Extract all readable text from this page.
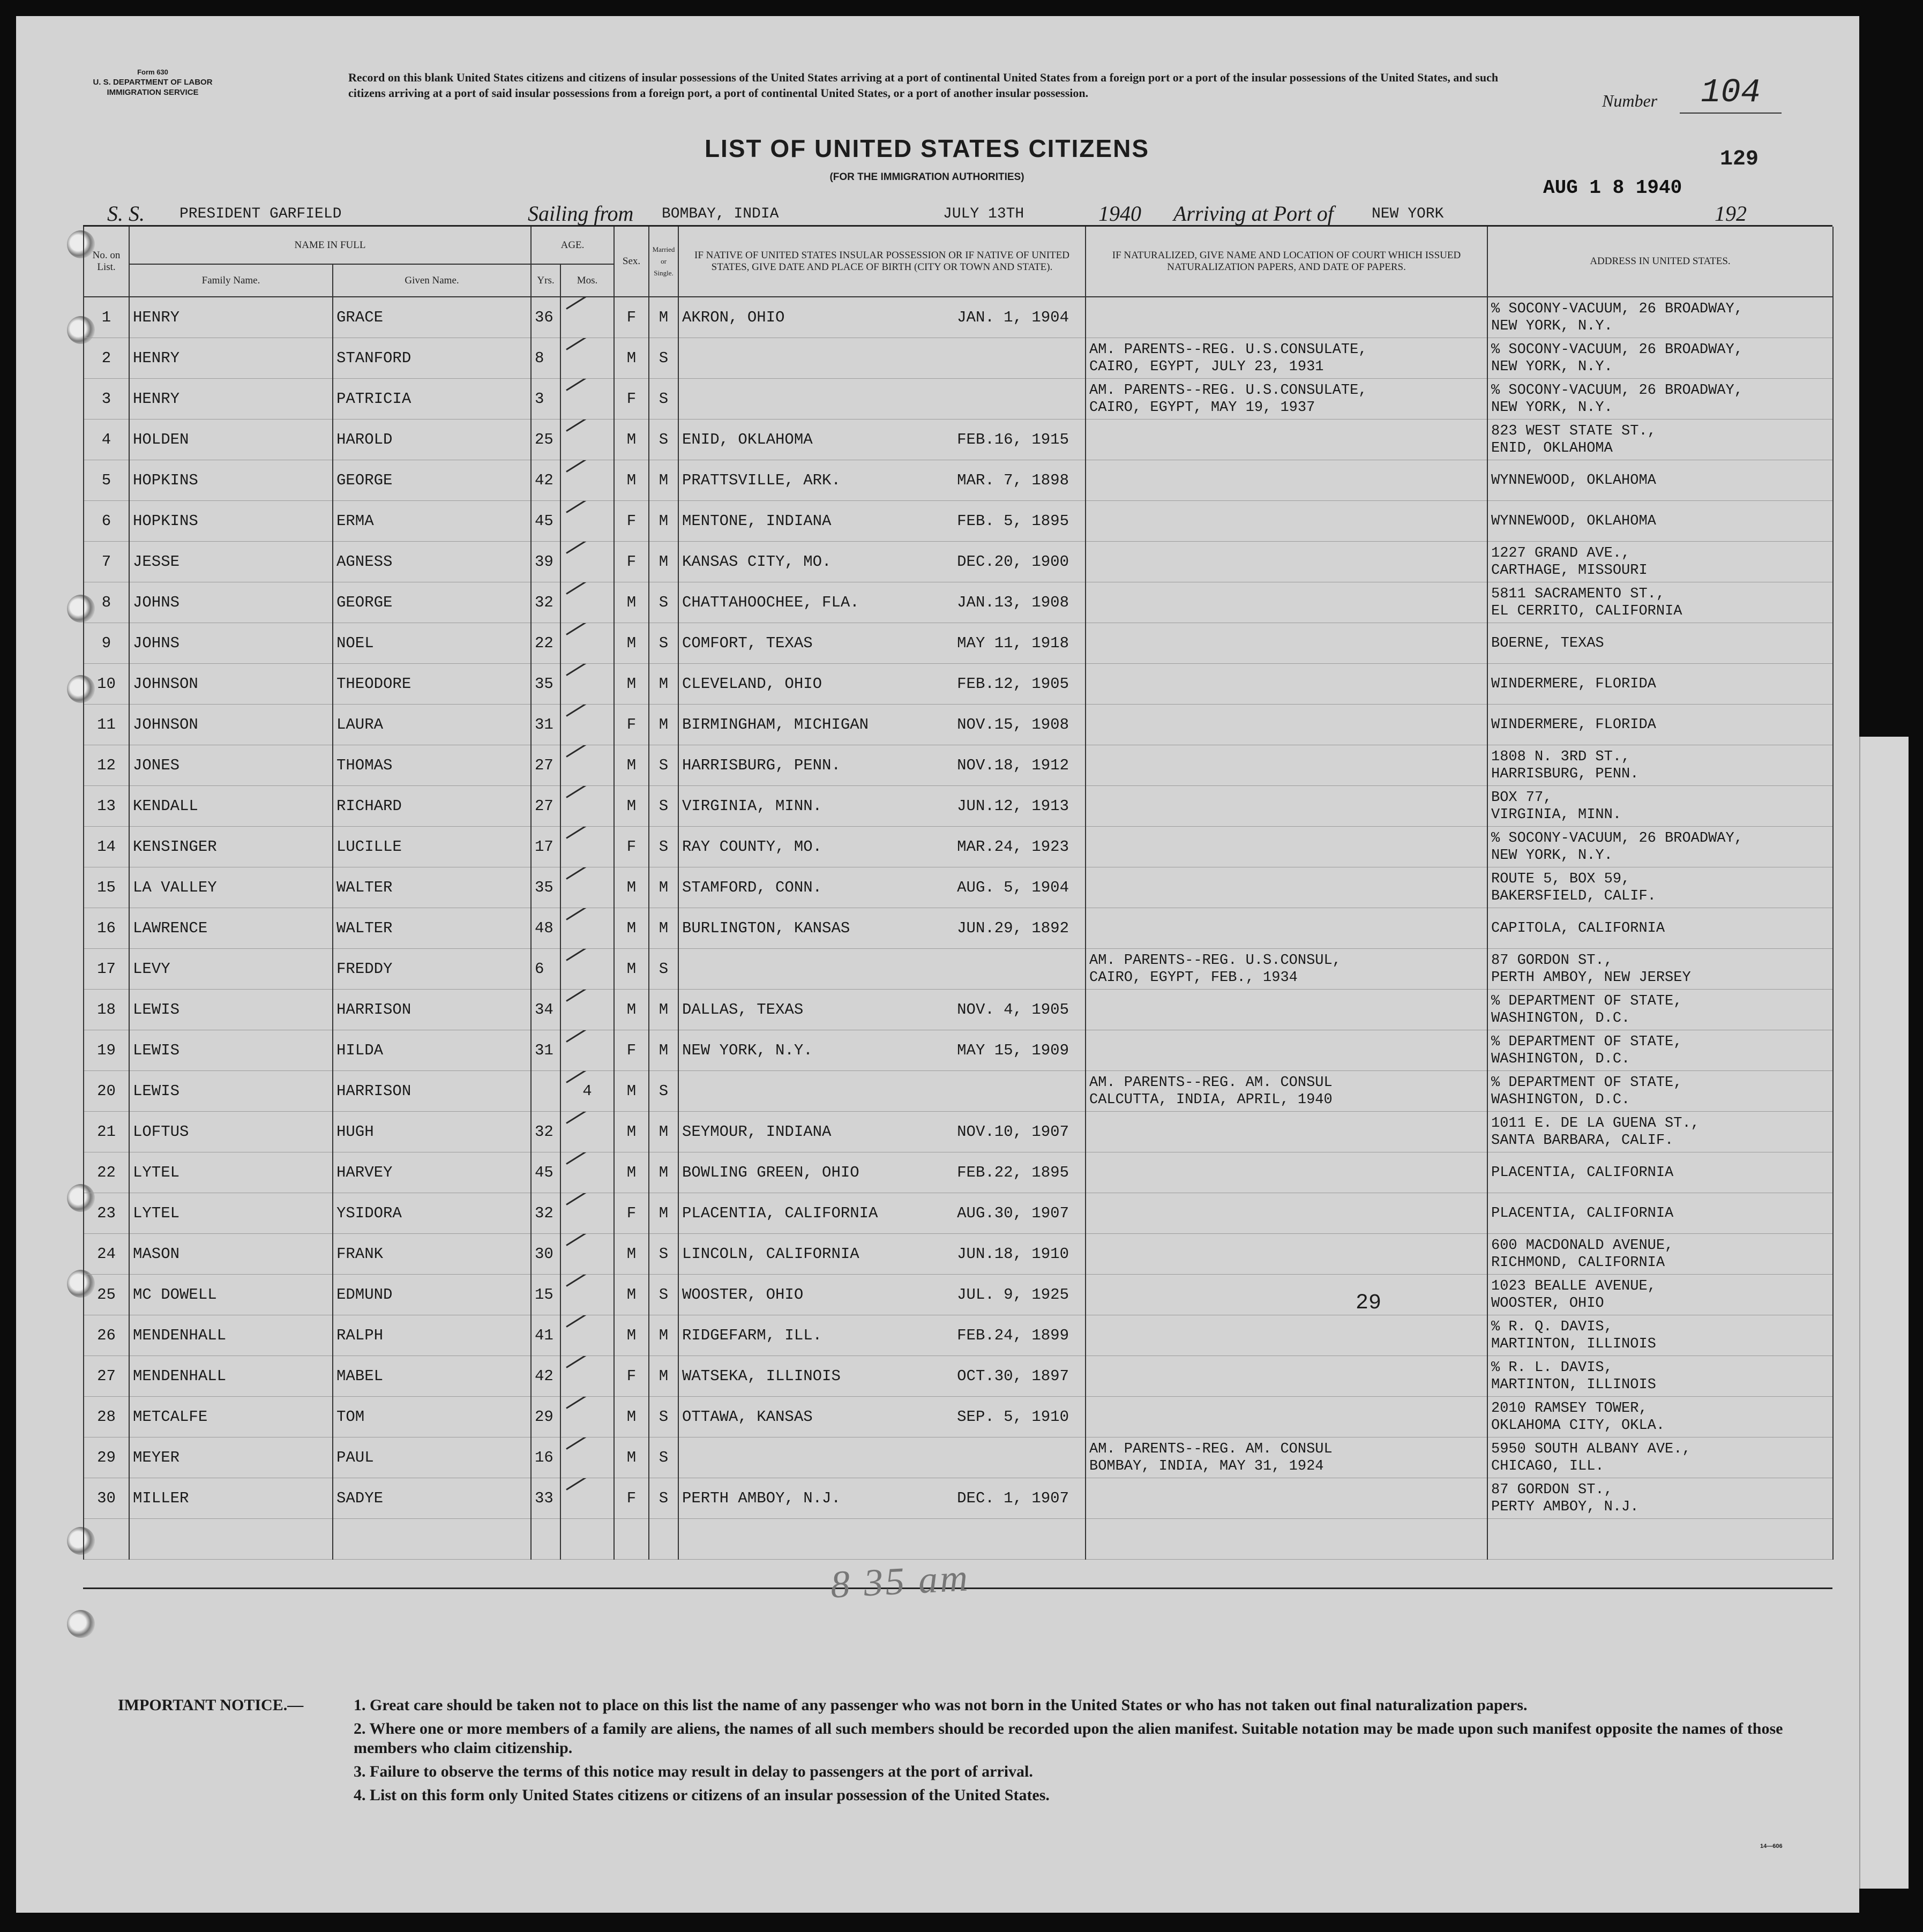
Form 630
U. S. DEPARTMENT OF LABOR
IMMIGRATION SERVICE
Record on this blank United States citizens and citizens of insular possessions of the United States arriving at a port of continental United States from a foreign port or a port of the insular possessions of the United States, and such citizens arriving at a port of said insular possessions from a foreign port, a port of continental United States, or a port of another insular possession.	Number	104
LIST OF UNITED STATES CITIZENS
(FOR THE IMMIGRATION AUTHORITIES)
129
S. S.	PRESIDENT GARFIELD	Sailing from	BOMBAY, INDIA	JULY 13TH	1940 Arriving at Port of	NEW YORK
AUG 1 8 1940
192
No. on List.	NAME IN FULL		AGE.		Sex.	Married or Single.	IF NATIVE OF UNITED STATES INSULAR POSSESSION OR IF NATIVE OF UNITED STATES, GIVE DATE AND PLACE OF BIRTH (CITY OR TOWN AND STATE).	IF NATURALIZED, GIVE NAME AND LOCATION OF COURT WHICH ISSUED NATURALIZATION PAPERS, AND DATE OF PAPERS.	ADDRESS IN UNITED STATES.
	Family Name.	Given Name.	Yrs.	Mos.					
1	HENRY	GRACE	36		F	M	AKRON, OHIO JAN. 1, 1904		% SOCONY-VACUUM, 26 BROADWAY,
NEW YORK, N.Y.

2	HENRY	STANFORD	8		M	S		AM. PARENTS--REG. U.S.CONSULATE,
CAIRO, EGYPT, JULY 23, 1931	% SOCONY-VACUUM, 26 BROADWAY,
NEW YORK, N.Y.

3	HENRY	PATRICIA	3		F	S		AM. PARENTS--REG. U.S.CONSULATE,
CAIRO, EGYPT, MAY 19, 1937	% SOCONY-VACUUM, 26 BROADWAY,
NEW YORK, N.Y.

4	HOLDEN	HAROLD	25		M	S	ENID, OKLAHOMA FEB.16, 1915		823 WEST STATE ST.,
ENID, OKLAHOMA

5	HOPKINS	GEORGE	42		M	M	PRATTSVILLE, ARK. MAR. 7, 1898		WYNNEWOOD, OKLAHOMA

6	HOPKINS	ERMA	45		F	M	MENTONE, INDIANA FEB. 5, 1895		WYNNEWOOD, OKLAHOMA

7	JESSE	AGNESS	39		F	M	KANSAS CITY, MO. DEC.20, 1900		1227 GRAND AVE.,
CARTHAGE, MISSOURI

8	JOHNS	GEORGE	32		M	S	CHATTAHOOCHEE, FLA. JAN.13, 1908		5811 SACRAMENTO ST.,
EL CERRITO, CALIFORNIA

9	JOHNS	NOEL	22		M	S	COMFORT, TEXAS MAY 11, 1918		BOERNE, TEXAS

10	JOHNSON	THEODORE	35		M	M	CLEVELAND, OHIO FEB.12, 1905		WINDERMERE, FLORIDA

11	JOHNSON	LAURA	31		F	M	BIRMINGHAM, MICHIGAN NOV.15, 1908		WINDERMERE, FLORIDA

12	JONES	THOMAS	27		M	S	HARRISBURG, PENN. NOV.18, 1912		1808 N. 3RD ST.,
HARRISBURG, PENN.

13	KENDALL	RICHARD	27		M	S	VIRGINIA, MINN. JUN.12, 1913		BOX 77,
VIRGINIA, MINN.

14	KENSINGER	LUCILLE	17		F	S	RAY COUNTY, MO. MAR.24, 1923		% SOCONY-VACUUM, 26 BROADWAY,
NEW YORK, N.Y.

15	LA VALLEY	WALTER	35		M	M	STAMFORD, CONN. AUG. 5, 1904		ROUTE 5, BOX 59,
BAKERSFIELD, CALIF.

16	LAWRENCE	WALTER	48		M	M	BURLINGTON, KANSAS JUN.29, 1892		CAPITOLA, CALIFORNIA

17	LEVY	FREDDY	6		M	S		AM. PARENTS--REG. U.S.CONSUL,
CAIRO, EGYPT, FEB., 1934	87 GORDON ST.,
PERTH AMBOY, NEW JERSEY

18	LEWIS	HARRISON	34		M	M	DALLAS, TEXAS NOV. 4, 1905		% DEPARTMENT OF STATE,
WASHINGTON, D.C.

19	LEWIS	HILDA	31		F	M	NEW YORK, N.Y. MAY 15, 1909		% DEPARTMENT OF STATE,
WASHINGTON, D.C.

20	LEWIS	HARRISON		4	M	S		AM. PARENTS--REG. AM. CONSUL
CALCUTTA, INDIA, APRIL, 1940	% DEPARTMENT OF STATE,
WASHINGTON, D.C.

21	LOFTUS	HUGH	32		M	M	SEYMOUR, INDIANA NOV.10, 1907		1011 E. DE LA GUENA ST.,
SANTA BARBARA, CALIF.

22	LYTEL	HARVEY	45		M	M	BOWLING GREEN, OHIO FEB.22, 1895		PLACENTIA, CALIFORNIA

23	LYTEL	YSIDORA	32		F	M	PLACENTIA, CALIFORNIA AUG.30, 1907		PLACENTIA, CALIFORNIA

24	MASON	FRANK	30		M	S	LINCOLN, CALIFORNIA JUN.18, 1910		600 MACDONALD AVENUE,
RICHMOND, CALIFORNIA

25	MC DOWELL	EDMUND	15		M	S	WOOSTER, OHIO JUL. 9, 1925		1023 BEALLE AVENUE,
WOOSTER, OHIO

26	MENDENHALL	RALPH	41		M	M	RIDGEFARM, ILL. FEB.24, 1899		% R. Q. DAVIS,
MARTINTON, ILLINOIS

27	MENDENHALL	MABEL	42		F	M	WATSEKA, ILLINOIS OCT.30, 1897		% R. L. DAVIS,
MARTINTON, ILLINOIS

28	METCALFE	TOM	29		M	S	OTTAWA, KANSAS SEP. 5, 1910		2010 RAMSEY TOWER,
OKLAHOMA CITY, OKLA.

29	MEYER	PAUL	16		M	S		AM. PARENTS--REG. AM. CONSUL
BOMBAY, INDIA, MAY 31, 1924	5950 SOUTH ALBANY AVE.,
CHICAGO, ILL.

30	MILLER	SADYE	33		F	S	PERTH AMBOY, N.J. DEC. 1, 1907		87 GORDON ST.,
PERTY AMBOY, N.J.

29
8 35 am
IMPORTANT NOTICE.—	1. Great care should be taken not to place on this list the name of any passenger who was not born in the United States or who has not taken out final naturalization papers.
2. Where one or more members of a family are aliens, the names of all such members should be recorded upon the alien manifest. Suitable notation may be made upon such manifest opposite the names of those members who claim citizenship.
3. Failure to observe the terms of this notice may result in delay to passengers at the port of arrival.
4. List on this form only United States citizens or citizens of an insular possession of the United States.
14—606
